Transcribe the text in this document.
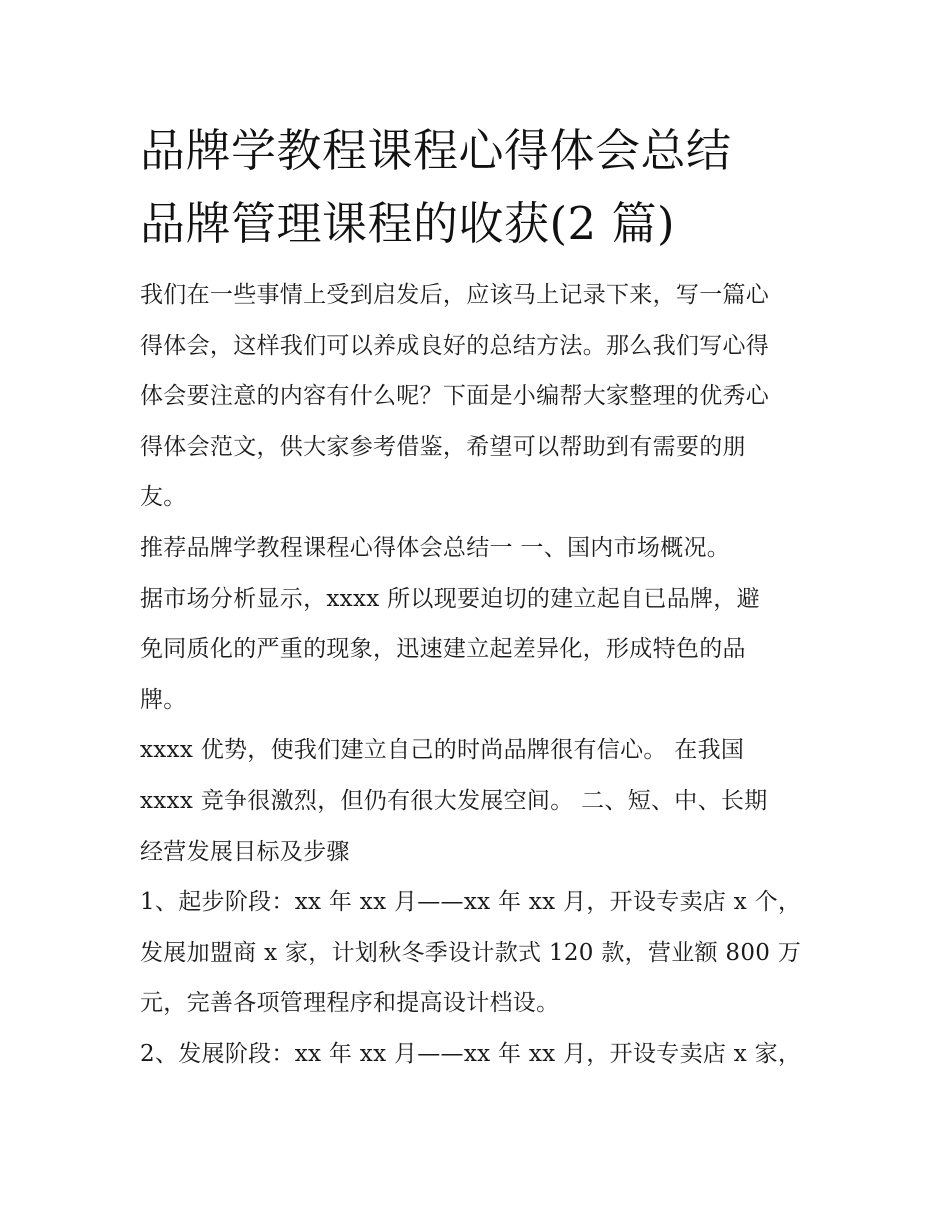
品牌学教程课程心得体会总结
品牌管理课程的收获(2 篇)

我们在一些事情上受到启发后，应该马上记录下来，写一篇心
得体会，这样我们可以养成良好的总结方法。那么我们写心得
体会要注意的内容有什么呢？下面是小编帮大家整理的优秀心
得体会范文，供大家参考借鉴，希望可以帮助到有需要的朋
友。

推荐品牌学教程课程心得体会总结一 一、国内市场概况。

据市场分析显示，xxxx 所以现要迫切的建立起自已品牌，避
免同质化的严重的现象，迅速建立起差异化，形成特色的品
牌。

xxxx 优势，使我们建立自己的时尚品牌很有信心。 在我国
xxxx 竞争很激烈，但仍有很大发展空间。 二、短、中、长期
经营发展目标及步骤

1、起步阶段：xx 年 xx 月——xx 年 xx 月，开设专卖店 x 个，
发展加盟商 x 家，计划秋冬季设计款式 120 款，营业额 800 万
元，完善各项管理程序和提高设计档设。

2、发展阶段：xx 年 xx 月——xx 年 xx 月，开设专卖店 x 家，
